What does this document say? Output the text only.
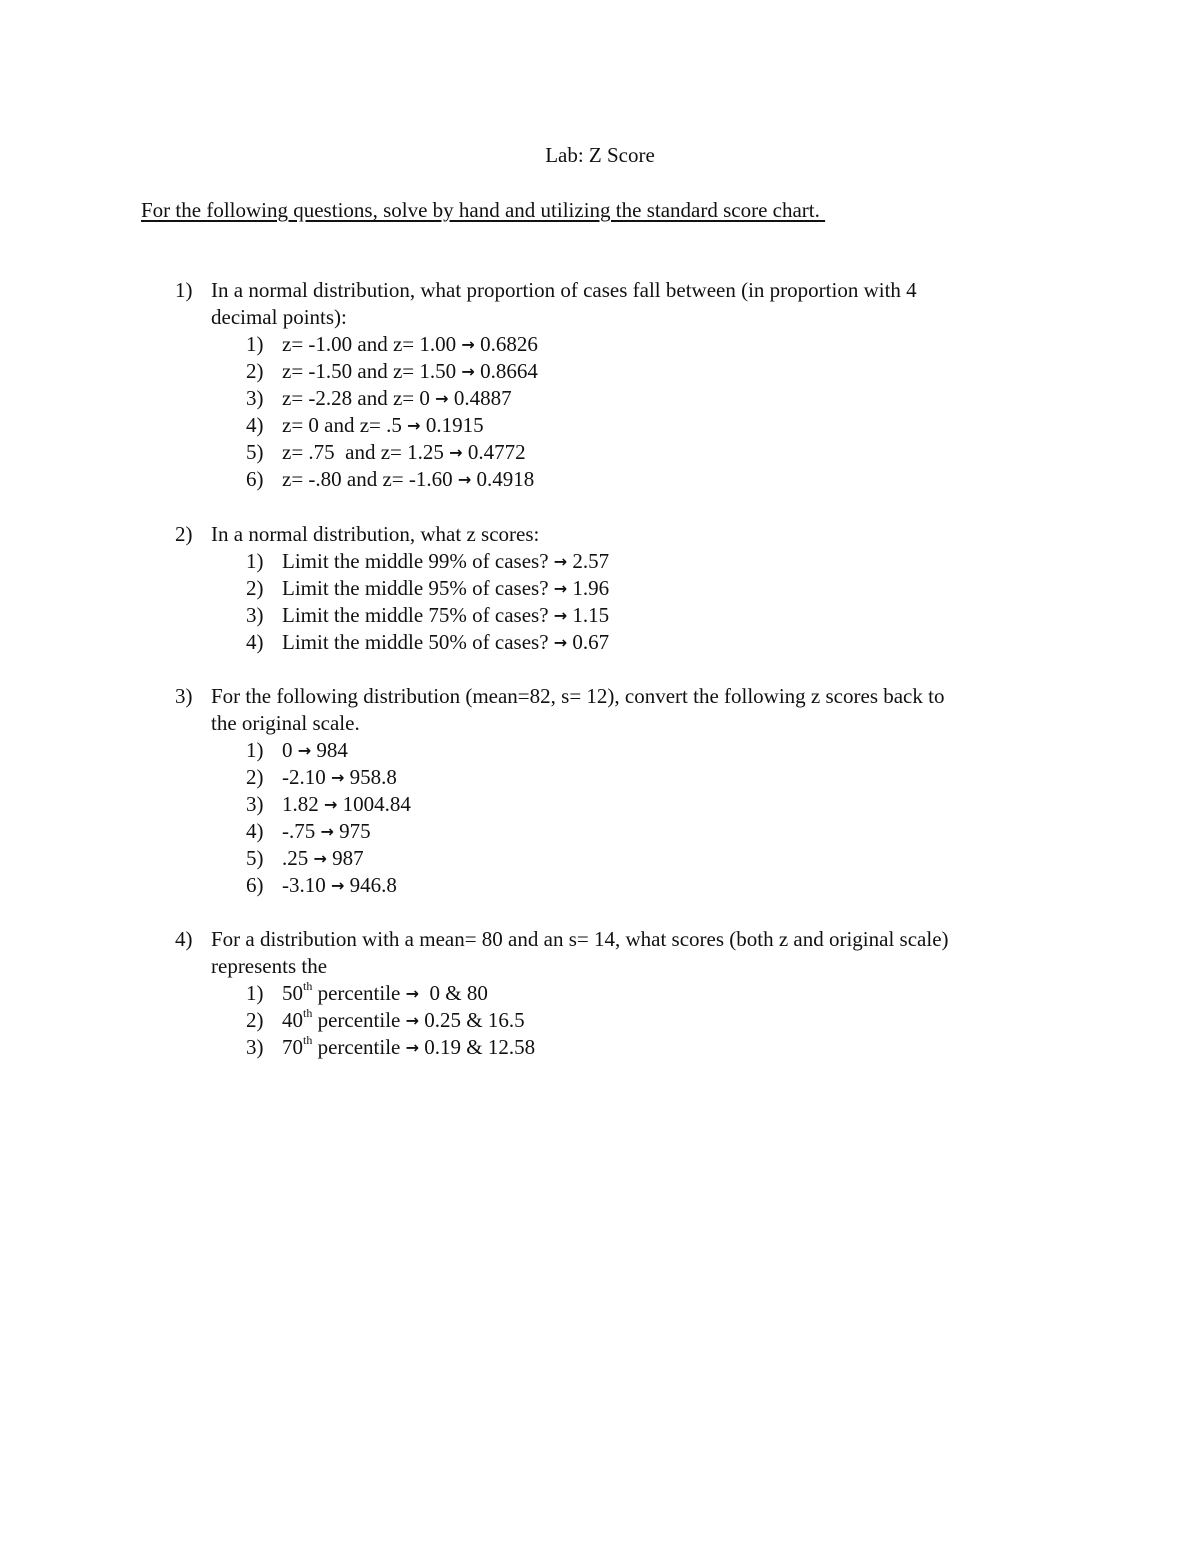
Lab: Z Score
For the following questions, solve by hand and utilizing the standard score chart.
1) In a normal distribution, what proportion of cases fall between (in proportion with 4
decimal points):
1) z= -1.00 and z= 1.00 → 0.6826
2) z= -1.50 and z= 1.50 → 0.8664
3) z= -2.28 and z= 0 → 0.4887
4) z= 0 and z= .5 → 0.1915
5) z= .75  and z= 1.25 → 0.4772
6) z= -.80 and z= -1.60 → 0.4918
2) In a normal distribution, what z scores:
1) Limit the middle 99% of cases? → 2.57
2) Limit the middle 95% of cases? → 1.96
3) Limit the middle 75% of cases? → 1.15
4) Limit the middle 50% of cases? → 0.67
3) For the following distribution (mean=82, s= 12), convert the following z scores back to
the original scale.
1) 0 → 984
2) -2.10 → 958.8
3) 1.82 → 1004.84
4) -.75 → 975
5) .25 → 987
6) -3.10 → 946.8
4) For a distribution with a mean= 80 and an s= 14, what scores (both z and original scale)
represents the
1) 50th percentile →  0 & 80
2) 40th percentile → 0.25 & 16.5
3) 70th percentile → 0.19 & 12.58
